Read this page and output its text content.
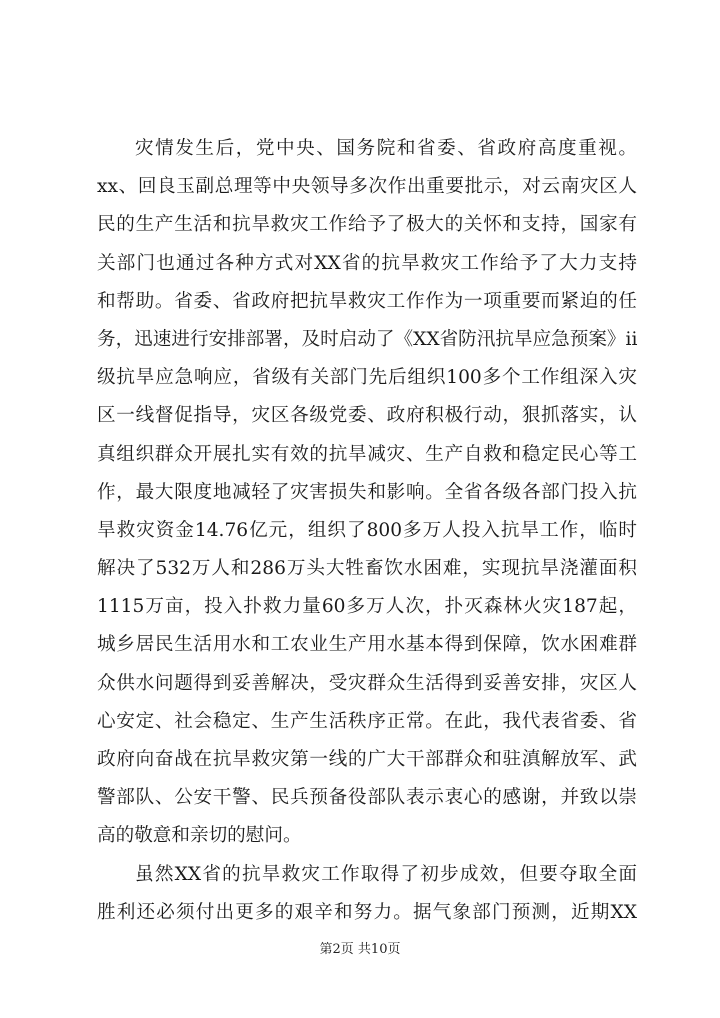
灾情发生后，党中央、国务院和省委、省政府高度重视。
xx、回良玉副总理等中央领导多次作出重要批示，对云南灾区人
民的生产生活和抗旱救灾工作给予了极大的关怀和支持，国家有
关部门也通过各种方式对XX省的抗旱救灾工作给予了大力支持
和帮助。省委、省政府把抗旱救灾工作作为一项重要而紧迫的任
务，迅速进行安排部署，及时启动了《XX省防汛抗旱应急预案》ii
级抗旱应急响应，省级有关部门先后组织100多个工作组深入灾
区一线督促指导，灾区各级党委、政府积极行动，狠抓落实，认
真组织群众开展扎实有效的抗旱减灾、生产自救和稳定民心等工
作，最大限度地减轻了灾害损失和影响。全省各级各部门投入抗
旱救灾资金14.76亿元，组织了800多万人投入抗旱工作，临时
解决了532万人和286万头大牲畜饮水困难，实现抗旱浇灌面积
1115万亩，投入扑救力量60多万人次，扑灭森林火灾187起，
城乡居民生活用水和工农业生产用水基本得到保障，饮水困难群
众供水问题得到妥善解决，受灾群众生活得到妥善安排，灾区人
心安定、社会稳定、生产生活秩序正常。在此，我代表省委、省
政府向奋战在抗旱救灾第一线的广大干部群众和驻滇解放军、武
警部队、公安干警、民兵预备役部队表示衷心的感谢，并致以崇
高的敬意和亲切的慰问。
虽然XX省的抗旱救灾工作取得了初步成效，但要夺取全面
胜利还必须付出更多的艰辛和努力。据气象部门预测，近期XX
第2页 共10页
